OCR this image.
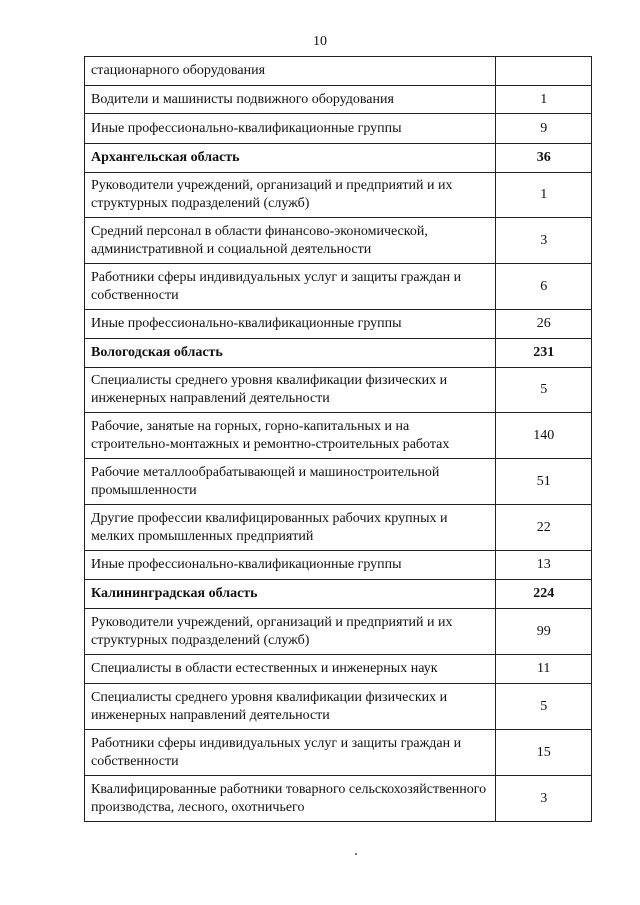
10
стационарного оборудования	
Водители и машинисты подвижного оборудования	1
Иные профессионально-квалификационные группы	9
Архангельская область	36
Руководители учреждений, организаций и предприятий и их структурных подразделений (служб)	1
Средний персонал в области финансово-экономической, административной и социальной деятельности	3
Работники сферы индивидуальных услуг и защиты граждан и собственности	6
Иные профессионально-квалификационные группы	26
Вологодская область	231
Специалисты среднего уровня квалификации физических и инженерных направлений деятельности	5
Рабочие, занятые на горных, горно-капитальных и на строительно-монтажных и ремонтно-строительных работах	140
Рабочие металлообрабатывающей и машиностроительной промышленности	51
Другие профессии квалифицированных рабочих крупных и мелких промышленных предприятий	22
Иные профессионально-квалификационные группы	13
Калининградская область	224
Руководители учреждений, организаций и предприятий и их структурных подразделений (служб)	99
Специалисты в области естественных и инженерных наук	11
Специалисты среднего уровня квалификации физических и инженерных направлений деятельности	5
Работники сферы индивидуальных услуг и защиты граждан и собственности	15
Квалифицированные работники товарного сельскохозяйственного производства, лесного, охотничьего	3
